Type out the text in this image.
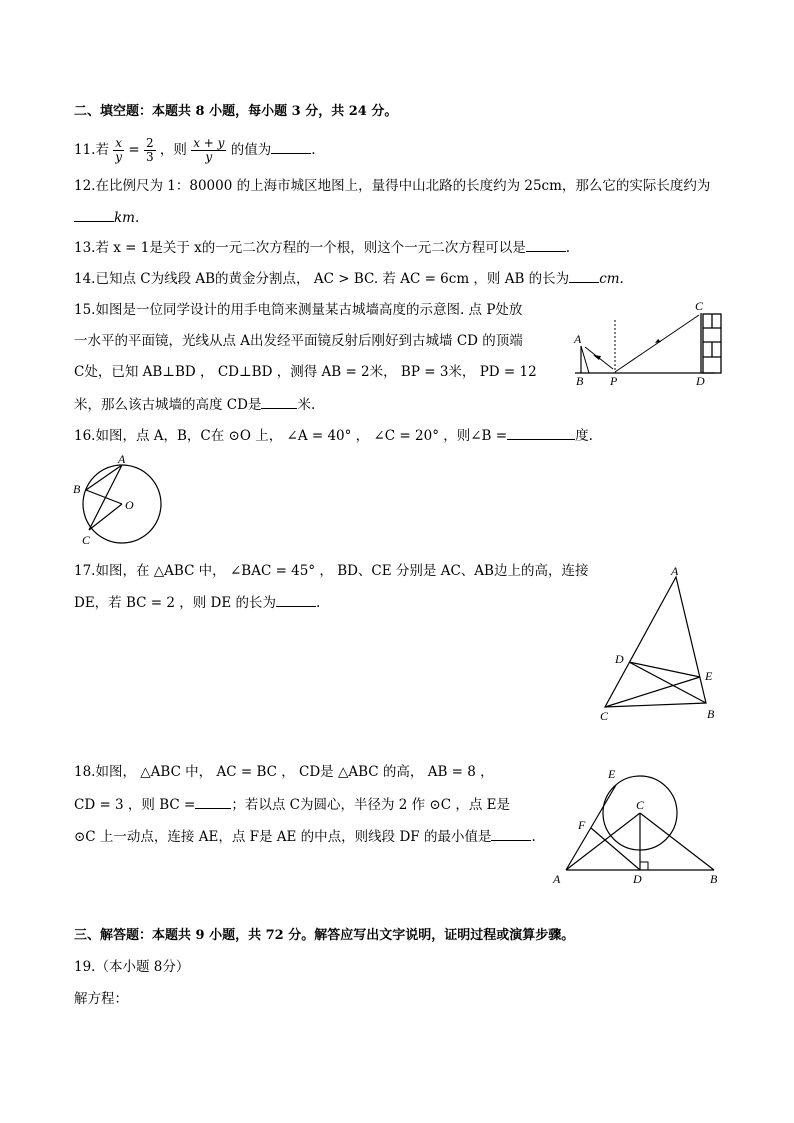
二、填空题：本题共 8 小题，每小题 3 分，共 24 分。
11.若 $\frac{x}{y} = \frac{2}{3}$ ，则 $\frac{x + y}{y}$ 的值为	.
12.在比例尺为 1：80000 的上海市城区地图上，量得中山北路的长度约为 25cm，那么它的实际长度约为
km.
13.若 x = 1是关于 x的一元二次方程的一个根，则这个一元二次方程可以是	.
14.已知点 C为线段 AB的黄金分割点， AC > BC. 若 AC = 6cm ，则 AB 的长为 cm.
15.如图是一位同学设计的用手电筒来测量某古城墙高度的示意图. 点 P处放
一水平的平面镜，光线从点 A出发经平面镜反射后刚好到古城墙 CD 的顶端
C处，已知 AB⊥BD ， CD⊥BD ，测得 AB = 2米， BP = 3米， PD = 12
米，那么该古城墙的高度 CD是	米.
A
B P
C
D
16.如图，点 A，B，C在 ⊙O 上， ∠A = 40° ， ∠C = 20° ，则∠B =	度.
A
B
O
C
17.如图，在 △ABC 中， ∠BAC = 45° ， BD、CE 分别是 AC、AB边上的高，连接
DE，若 BC = 2 ，则 DE 的长为	.
A
D
E
C	B
18.如图， △ABC 中， AC = BC ， CD是 △ABC 的高， AB = 8 ，
CD = 3 ，则 BC =	；若以点 C为圆心，半径为 2 作 ⊙C ，点 E是
⊙C 上一动点，连接 AE，点 F是 AE 的中点，则线段 DF 的最小值是	.
E
C
F
A	D	B
三、解答题：本题共 9 小题，共 72 分。解答应写出文字说明，证明过程或演算步骤。
19.（本小题 8分）
解方程：
